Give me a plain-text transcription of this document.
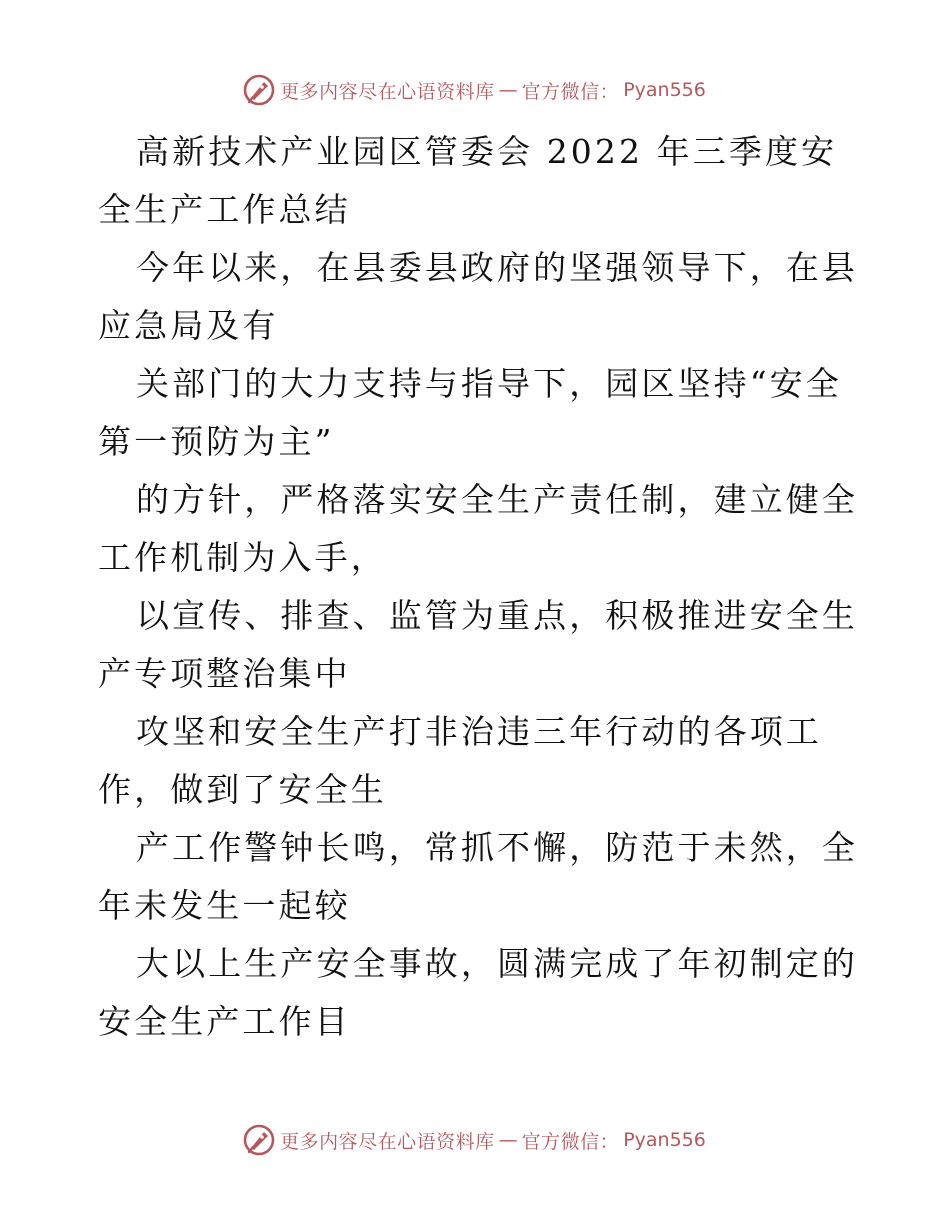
更多内容尽在心语资料库 — 官方微信： Pyan556

高新技术产业园区管委会 2022 年三季度安全生产工作总结

今年以来，在县委县政府的坚强领导下，在县应急局及有

关部门的大力支持与指导下，园区坚持“安全第一预防为主”

的方针，严格落实安全生产责任制，建立健全工作机制为入手，

以宣传、排查、监管为重点，积极推进安全生产专项整治集中

攻坚和安全生产打非治违三年行动的各项工作，做到了安全生

产工作警钟长鸣，常抓不懈，防范于未然，全年未发生一起较

大以上生产安全事故，圆满完成了年初制定的安全生产工作目

更多内容尽在心语资料库 — 官方微信： Pyan556
